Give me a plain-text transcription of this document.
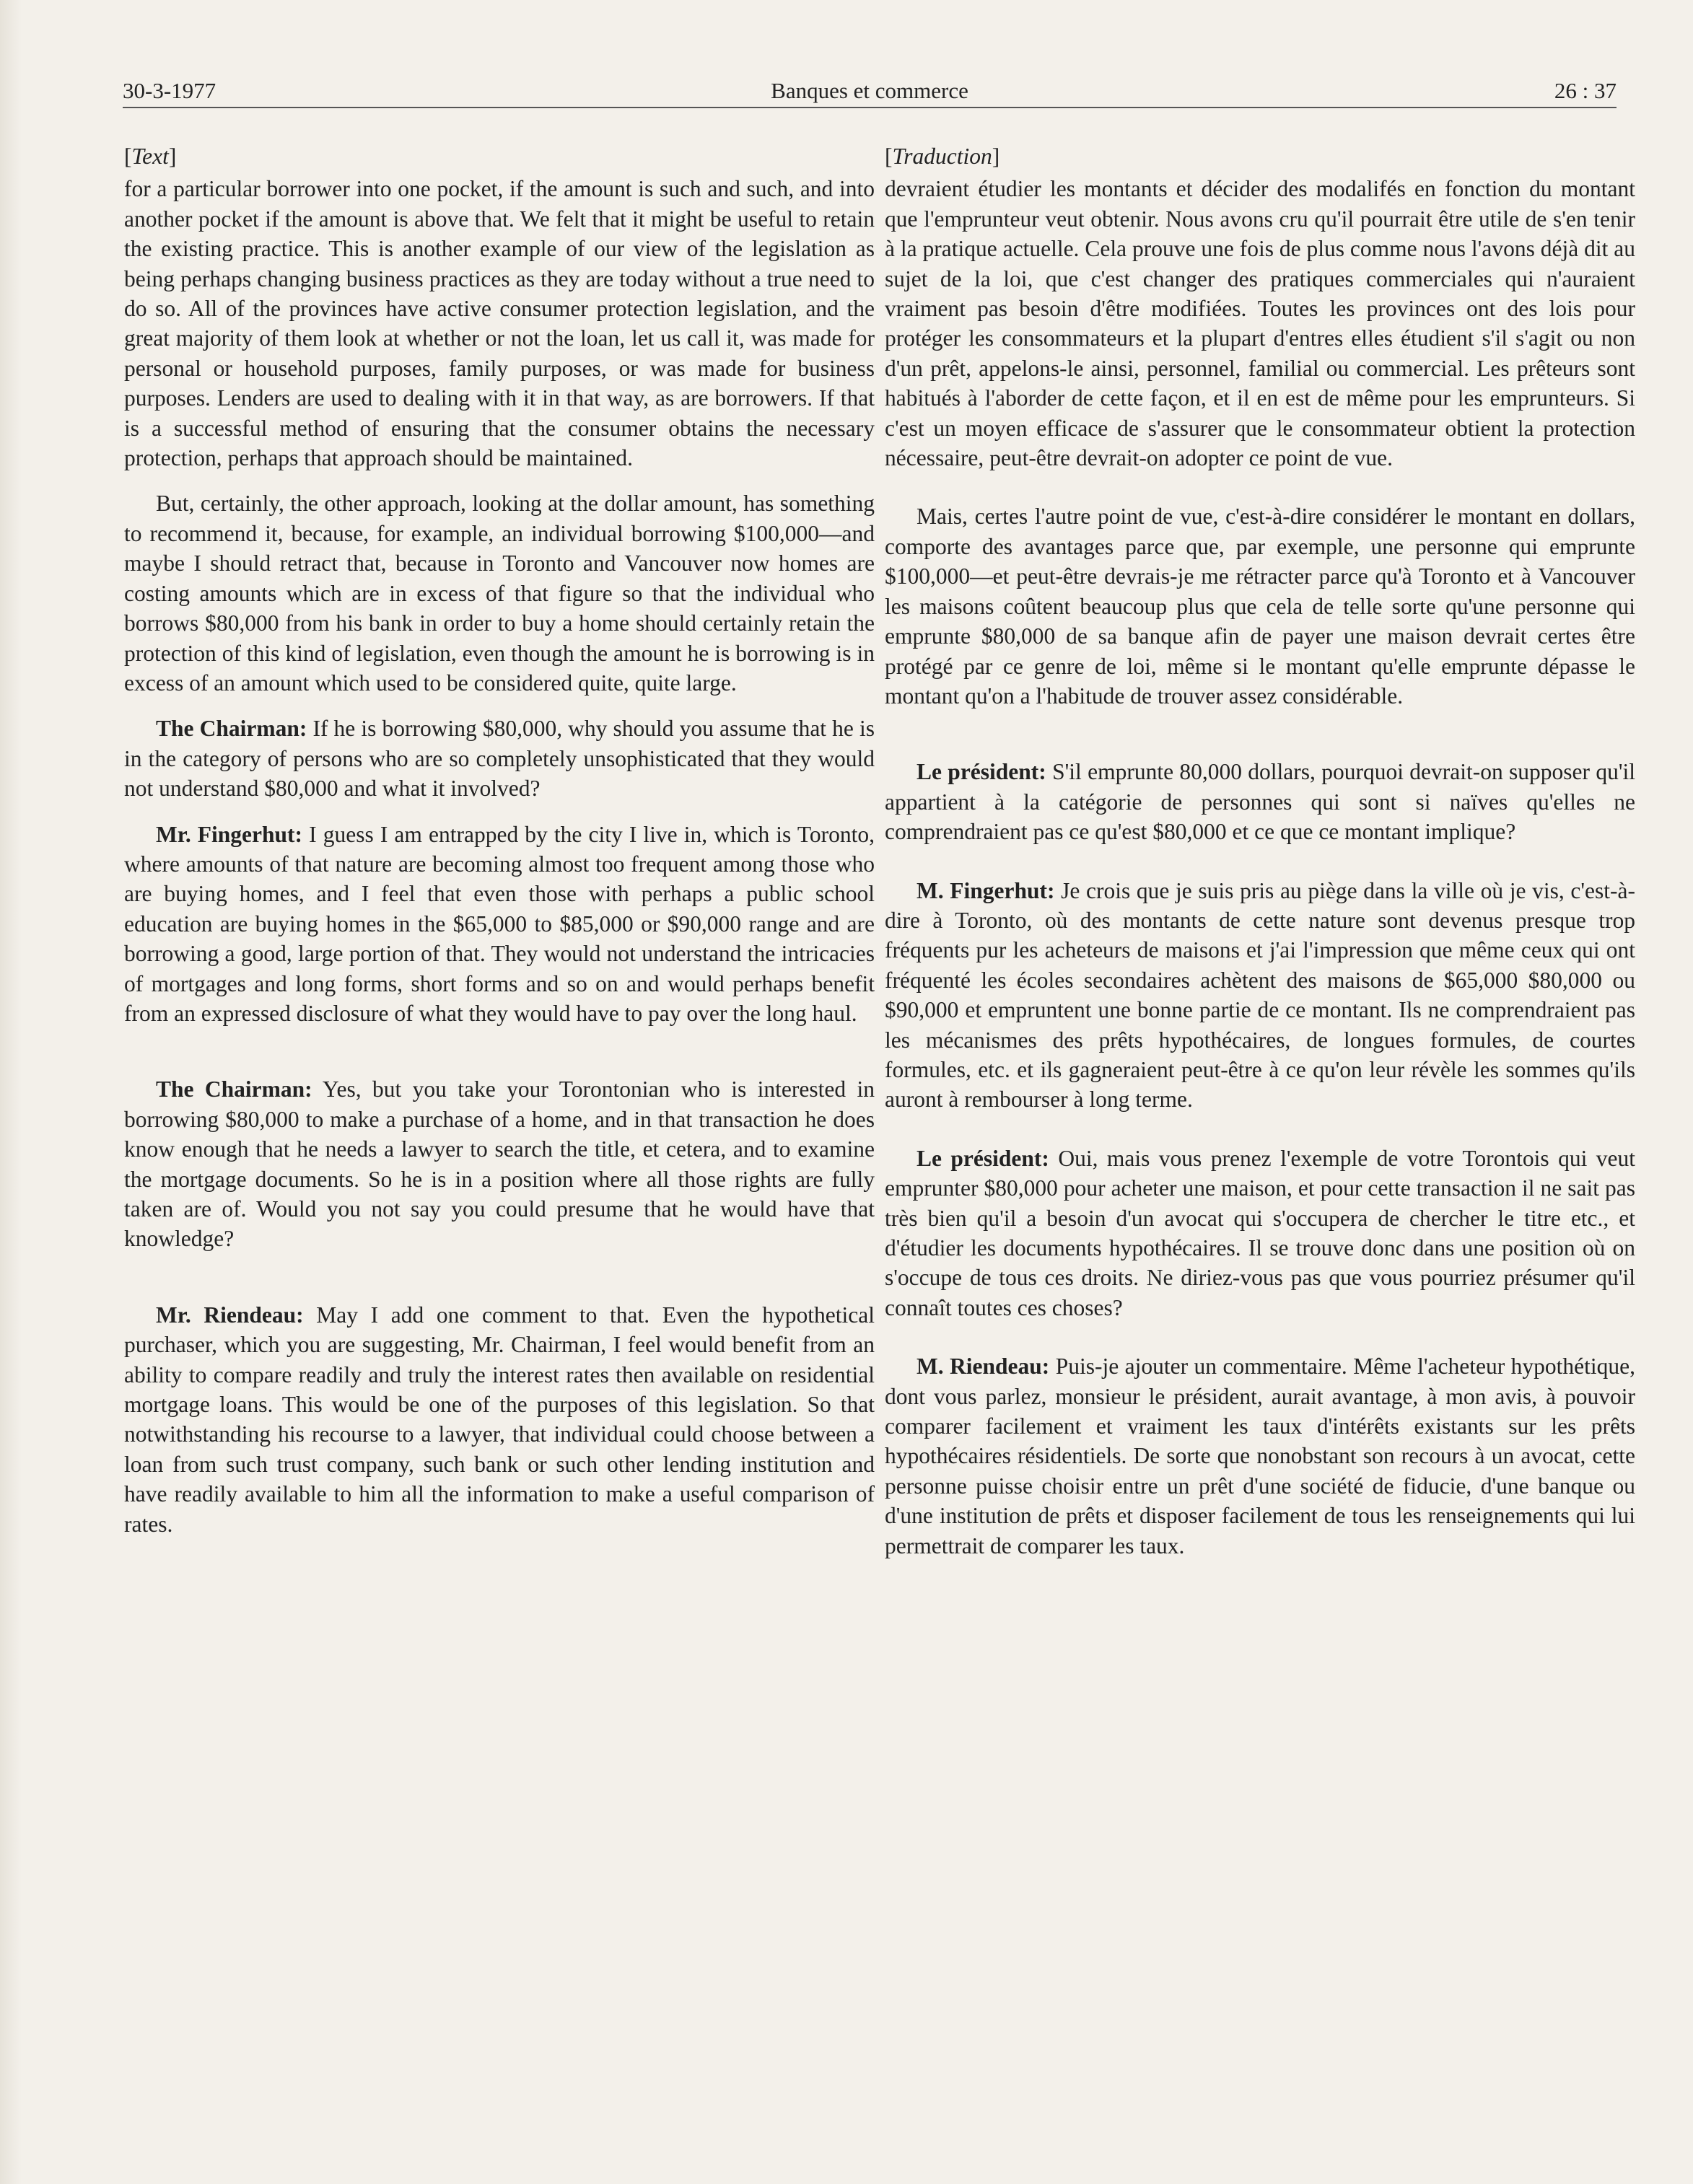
30-3-1977	Banques et commerce	26 : 37

[Text]

for a particular borrower into one pocket, if the amount is such and such, and into another pocket if the amount is above that. We felt that it might be useful to retain the existing practice. This is another example of our view of the legislation as being perhaps changing business practices as they are today without a true need to do so. All of the provinces have active consumer protection legislation, and the great majority of them look at whether or not the loan, let us call it, was made for personal or household purposes, family purposes, or was made for business purposes. Lenders are used to dealing with it in that way, as are borrowers. If that is a successful method of ensuring that the consumer obtains the necessary protection, perhaps that approach should be maintained.

But, certainly, the other approach, looking at the dollar amount, has something to recommend it, because, for example, an individual borrowing $100,000—and maybe I should retract that, because in Toronto and Vancouver now homes are costing amounts which are in excess of that figure so that the individual who borrows $80,000 from his bank in order to buy a home should certainly retain the protection of this kind of legislation, even though the amount he is borrowing is in excess of an amount which used to be considered quite, quite large.

The Chairman: If he is borrowing $80,000, why should you assume that he is in the category of persons who are so completely unsophisticated that they would not understand $80,000 and what it involved?

Mr. Fingerhut: I guess I am entrapped by the city I live in, which is Toronto, where amounts of that nature are becoming almost too frequent among those who are buying homes, and I feel that even those with perhaps a public school education are buying homes in the $65,000 to $85,000 or $90,000 range and are borrowing a good, large portion of that. They would not understand the intricacies of mortgages and long forms, short forms and so on and would perhaps benefit from an expressed disclosure of what they would have to pay over the long haul.

The Chairman: Yes, but you take your Torontonian who is interested in borrowing $80,000 to make a purchase of a home, and in that transaction he does know enough that he needs a lawyer to search the title, et cetera, and to examine the mortgage documents. So he is in a position where all those rights are fully taken are of. Would you not say you could presume that he would have that knowledge?

Mr. Riendeau: May I add one comment to that. Even the hypothetical purchaser, which you are suggesting, Mr. Chairman, I feel would benefit from an ability to compare readily and truly the interest rates then available on residential mortgage loans. This would be one of the purposes of this legislation. So that notwithstanding his recourse to a lawyer, that individual could choose between a loan from such trust company, such bank or such other lending institution and have readily available to him all the information to make a useful comparison of rates.

[Traduction]

devraient étudier les montants et décider des modalifés en fonction du montant que l'emprunteur veut obtenir. Nous avons cru qu'il pourrait être utile de s'en tenir à la pratique actuelle. Cela prouve une fois de plus comme nous l'avons déjà dit au sujet de la loi, que c'est changer des pratiques commerciales qui n'auraient vraiment pas besoin d'être modifiées. Toutes les provinces ont des lois pour protéger les consommateurs et la plupart d'entres elles étudient s'il s'agit ou non d'un prêt, appelons-le ainsi, personnel, familial ou commercial. Les prêteurs sont habitués à l'aborder de cette façon, et il en est de même pour les emprunteurs. Si c'est un moyen efficace de s'assurer que le consommateur obtient la protection nécessaire, peut-être devrait-on adopter ce point de vue.

Mais, certes l'autre point de vue, c'est-à-dire considérer le montant en dollars, comporte des avantages parce que, par exemple, une personne qui emprunte $100,000—et peut-être devrais-je me rétracter parce qu'à Toronto et à Vancouver les maisons coûtent beaucoup plus que cela de telle sorte qu'une personne qui emprunte $80,000 de sa banque afin de payer une maison devrait certes être protégé par ce genre de loi, même si le montant qu'elle emprunte dépasse le montant qu'on a l'habitude de trouver assez considérable.

Le président: S'il emprunte 80,000 dollars, pourquoi devrait-on supposer qu'il appartient à la catégorie de personnes qui sont si naïves qu'elles ne comprendraient pas ce qu'est $80,000 et ce que ce montant implique?

M. Fingerhut: Je crois que je suis pris au piège dans la ville où je vis, c'est-à-dire à Toronto, où des montants de cette nature sont devenus presque trop fréquents pur les acheteurs de maisons et j'ai l'impression que même ceux qui ont fréquenté les écoles secondaires achètent des maisons de $65,000 $80,000 ou $90,000 et empruntent une bonne partie de ce montant. Ils ne comprendraient pas les mécanismes des prêts hypothécaires, de longues formules, de courtes formules, etc. et ils gagneraient peut-être à ce qu'on leur révèle les sommes qu'ils auront à rembourser à long terme.

Le président: Oui, mais vous prenez l'exemple de votre Torontois qui veut emprunter $80,000 pour acheter une maison, et pour cette transaction il ne sait pas très bien qu'il a besoin d'un avocat qui s'occupera de chercher le titre etc., et d'étudier les documents hypothécaires. Il se trouve donc dans une position où on s'occupe de tous ces droits. Ne diriez-vous pas que vous pourriez présumer qu'il connaît toutes ces choses?

M. Riendeau: Puis-je ajouter un commentaire. Même l'acheteur hypothétique, dont vous parlez, monsieur le président, aurait avantage, à mon avis, à pouvoir comparer facilement et vraiment les taux d'intérêts existants sur les prêts hypothécaires résidentiels. De sorte que nonobstant son recours à un avocat, cette personne puisse choisir entre un prêt d'une société de fiducie, d'une banque ou d'une institution de prêts et disposer facilement de tous les renseignements qui lui permettrait de comparer les taux.
